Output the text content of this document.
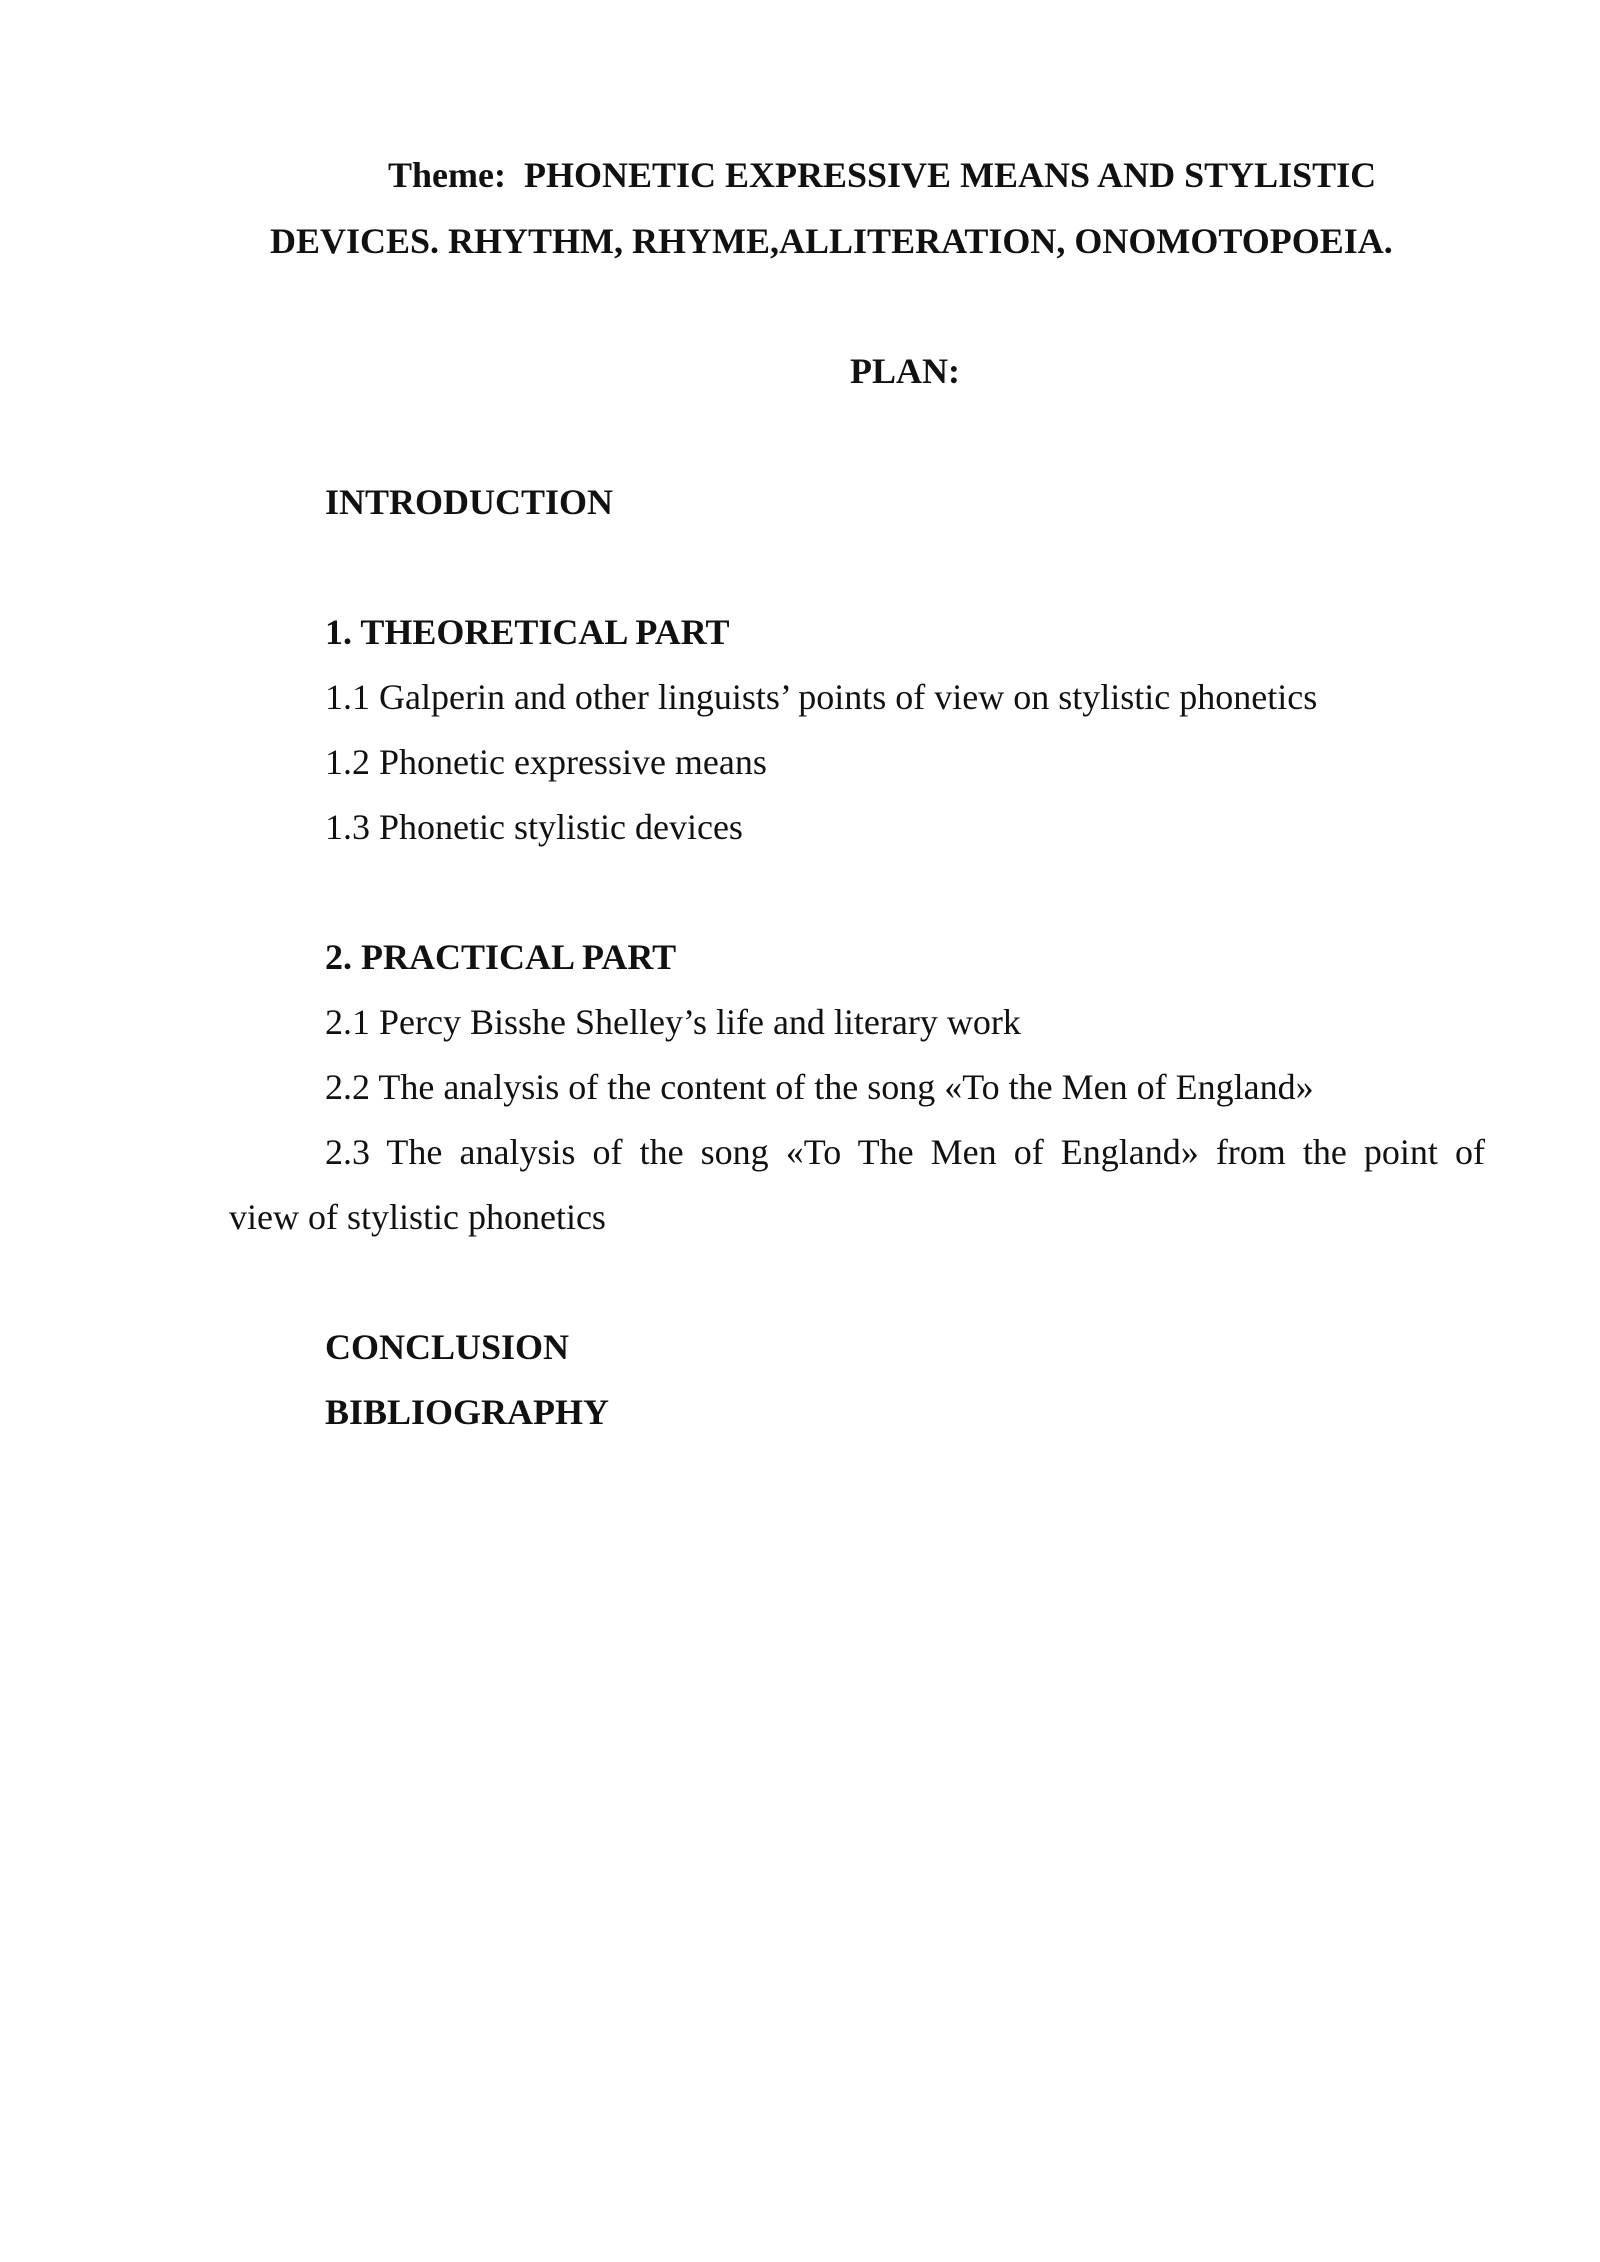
Theme: PHONETIC EXPRESSIVE MEANS AND STYLISTIC
DEVICES. RHYTHM, RHYME,ALLITERATION, ONOMOTOPOEIA.
PLAN:
INTRODUCTION
1. THEORETICAL PART
1.1 Galperin and other linguists’ points of view on stylistic phonetics
1.2 Phonetic expressive means
1.3 Phonetic stylistic devices
2. PRACTICAL PART
2.1 Percy Bisshe Shelley’s life and literary work
2.2 The analysis of the content of the song «To the Men of England»
2.3 The analysis of the song «To The Men of England» from the point of
view of stylistic phonetics
CONCLUSION
BIBLIOGRAPHY
